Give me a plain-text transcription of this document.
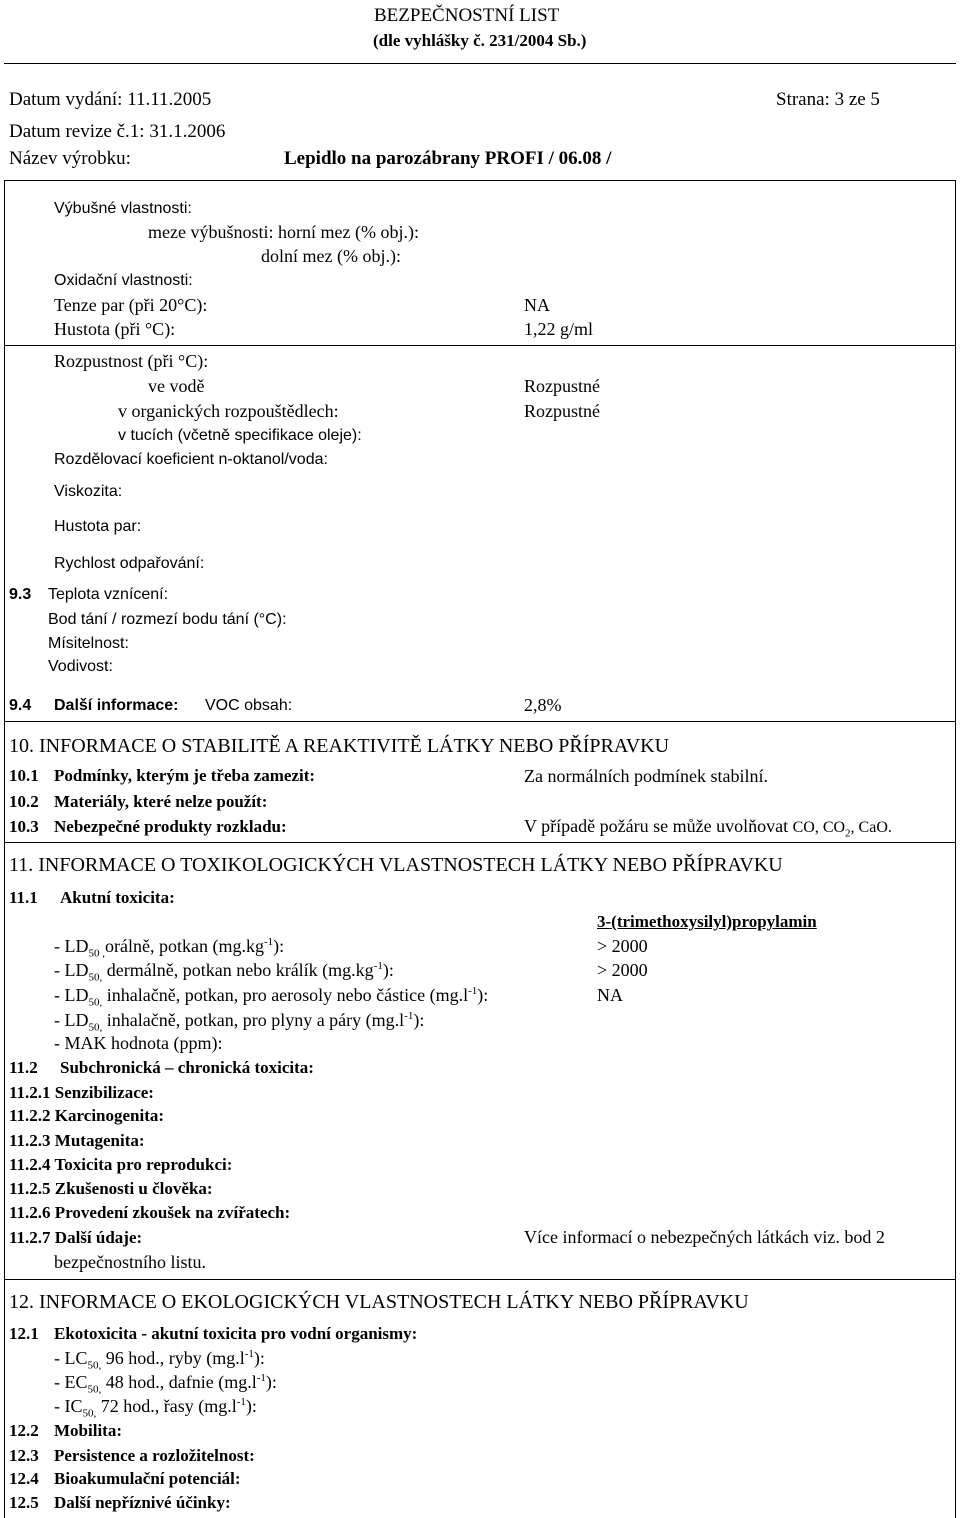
BEZPEČNOSTNÍ LIST
(dle vyhlášky č. 231/2004 Sb.)
Datum vydání: 11.11.2005	Strana: 3 ze 5
Datum revize č.1: 31.1.2006
Název výrobku:	Lepidlo na parozábrany PROFI / 06.08 /
Výbušné vlastnosti:
meze výbušnosti: horní mez (% obj.):
dolní mez (% obj.):
Oxidační vlastnosti:
Tenze par (při 20°C):	NA
Hustota (při °C):	1,22 g/ml
Rozpustnost (při °C):
ve vodě	Rozpustné
v organických rozpouštědlech:	Rozpustné
v tucích (včetně specifikace oleje):
Rozdělovací koeficient n-oktanol/voda:
Viskozita:
Hustota par:
Rychlost odpařování:
9.3 Teplota vznícení:
Bod tání / rozmezí bodu tání (°C):
Mísitelnost:
Vodivost:
9.4 Další informace: VOC obsah:	2,8%
10. INFORMACE O STABILITĚ A REAKTIVITĚ LÁTKY NEBO PŘÍPRAVKU
10.1 Podmínky, kterým je třeba zamezit:	Za normálních podmínek stabilní.
10.2 Materiály, které nelze použít:
10.3 Nebezpečné produkty rozkladu:	V případě požáru se může uvolňovat CO, $CO_2$, CaO.
11. INFORMACE O TOXIKOLOGICKÝCH VLASTNOSTECH LÁTKY NEBO PŘÍPRAVKU
11.1 Akutní toxicita:
3-(trimethoxysilyl)propylamin
- $LD_{50 ,}orá\ln ě$, potkan $(mg.kg^{-1})$:	> 2000
- $LD_{50,}$ dermálně, potkan nebo králík $(mg.kg^{-1})$:	> 2000
- $LD_{50,}$ inhalačně, potkan, pro aerosoly nebo částice $(mg.l^{-1})$:	NA
- $LD_{50,}$ inhalačně, potkan, pro plyny a páry $(mg.l^{-1})$:
- MAK hodnota (ppm):
11.2 Subchronická – chronická toxicita:
11.2.1 Senzibilizace:
11.2.2 Karcinogenita:
11.2.3 Mutagenita:
11.2.4 Toxicita pro reprodukci:
11.2.5 Zkušenosti u člověka:
11.2.6 Provedení zkoušek na zvířatech:
11.2.7 Další údaje:	Více informací o nebezpečných látkách viz. bod 2
bezpečnostního listu.
12. INFORMACE O EKOLOGICKÝCH VLASTNOSTECH LÁTKY NEBO PŘÍPRAVKU
12.1 Ekotoxicita - akutní toxicita pro vodní organismy:
- $LC_{50,}$ 96 hod., ryby $(mg.l^{-1})$:
- $EC_{50,}$ 48 hod., dafnie $(mg.l^{-1})$:
- $IC_{50,}$ 72 hod., řasy $(mg.l^{-1})$:
12.2 Mobilita:
12.3 Persistence a rozložitelnost:
12.4 Bioakumulační potenciál:
12.5 Další nepříznivé účinky:
